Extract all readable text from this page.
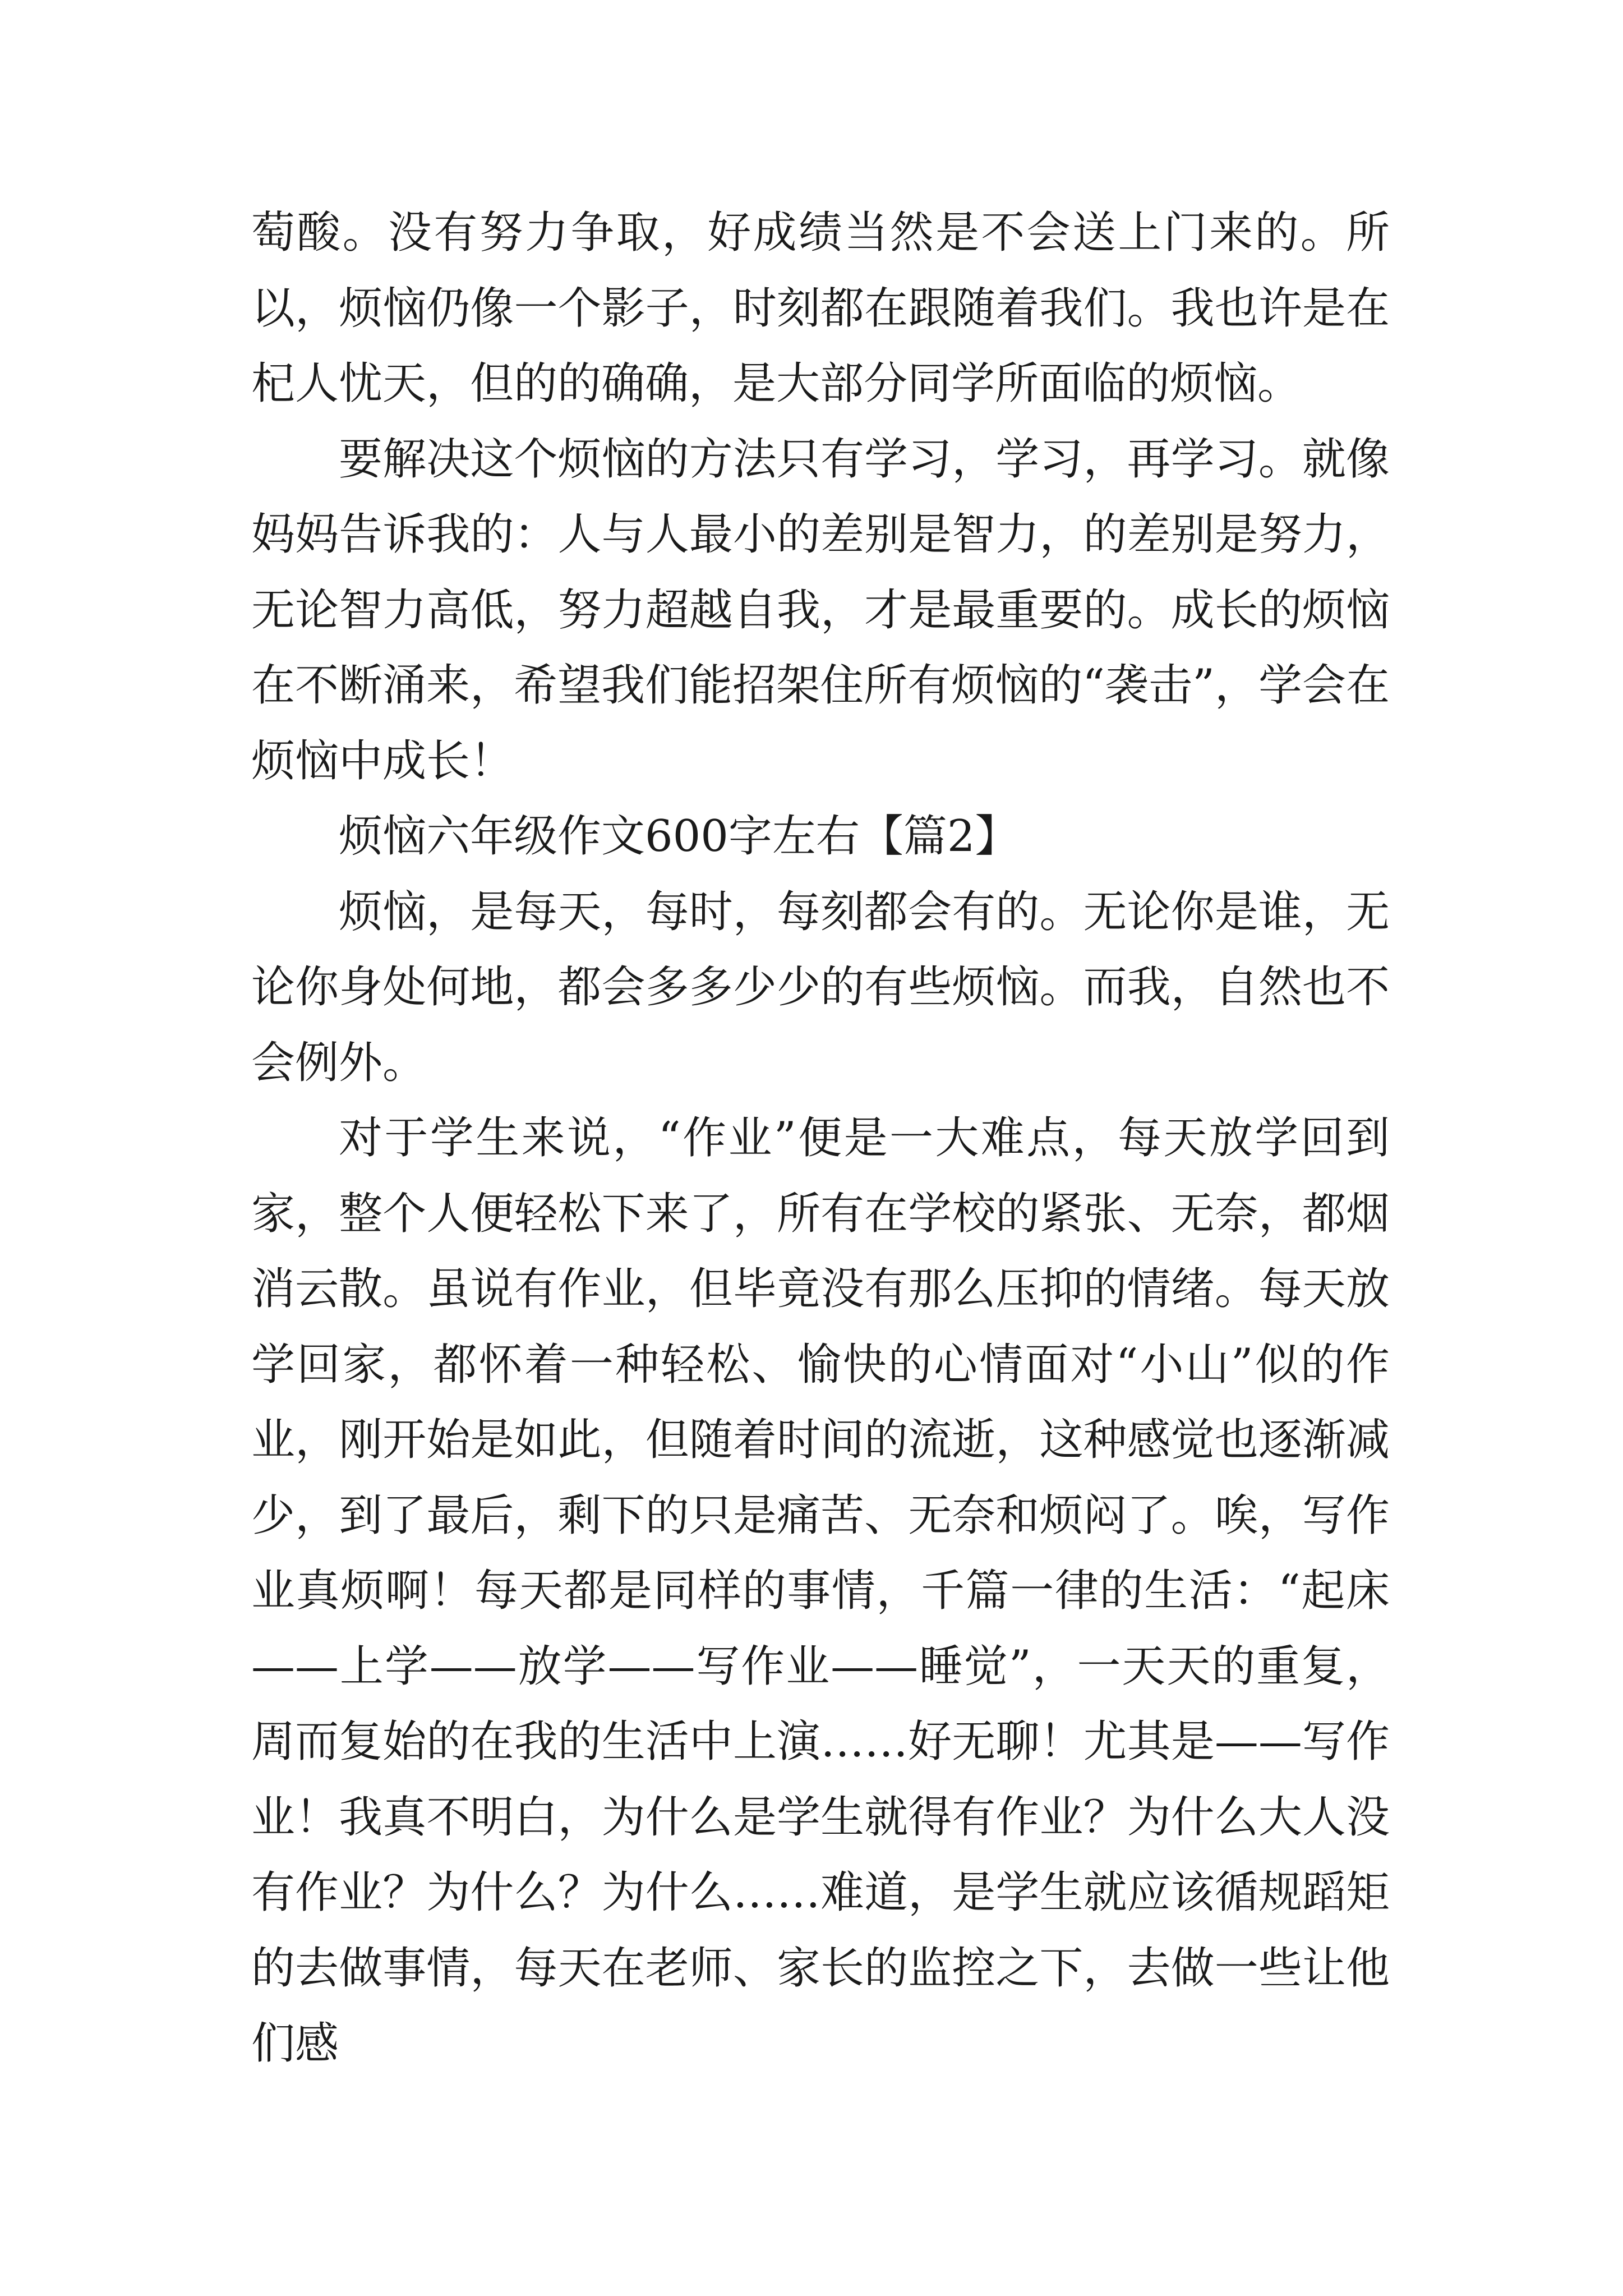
萄酸。没有努力争取，好成绩当然是不会送上门来的。所以，烦恼仍像一个影子，时刻都在跟随着我们。我也许是在杞人忧天，但的的确确，是大部分同学所面临的烦恼。

要解决这个烦恼的方法只有学习，学习，再学习。就像妈妈告诉我的：人与人最小的差别是智力，的差别是努力，无论智力高低，努力超越自我，才是最重要的。成长的烦恼在不断涌来，希望我们能招架住所有烦恼的“袭击”，学会在烦恼中成长！

烦恼六年级作文600字左右【篇2】

烦恼，是每天，每时，每刻都会有的。无论你是谁，无论你身处何地，都会多多少少的有些烦恼。而我，自然也不会例外。

对于学生来说，“作业”便是一大难点，每天放学回到家，整个人便轻松下来了，所有在学校的紧张、无奈，都烟消云散。虽说有作业，但毕竟没有那么压抑的情绪。每天放学回家，都怀着一种轻松、愉快的心情面对“小山”似的作业，刚开始是如此，但随着时间的流逝，这种感觉也逐渐减少，到了最后，剩下的只是痛苦、无奈和烦闷了。唉，写作业真烦啊！每天都是同样的事情，千篇一律的生活：“起床——上学——放学——写作业——睡觉”，一天天的重复，周而复始的在我的生活中上演……好无聊！尤其是——写作业！我真不明白，为什么是学生就得有作业？为什么大人没有作业？为什么？为什么……难道，是学生就应该循规蹈矩的去做事情，每天在老师、家长的监控之下，去做一些让他们感
